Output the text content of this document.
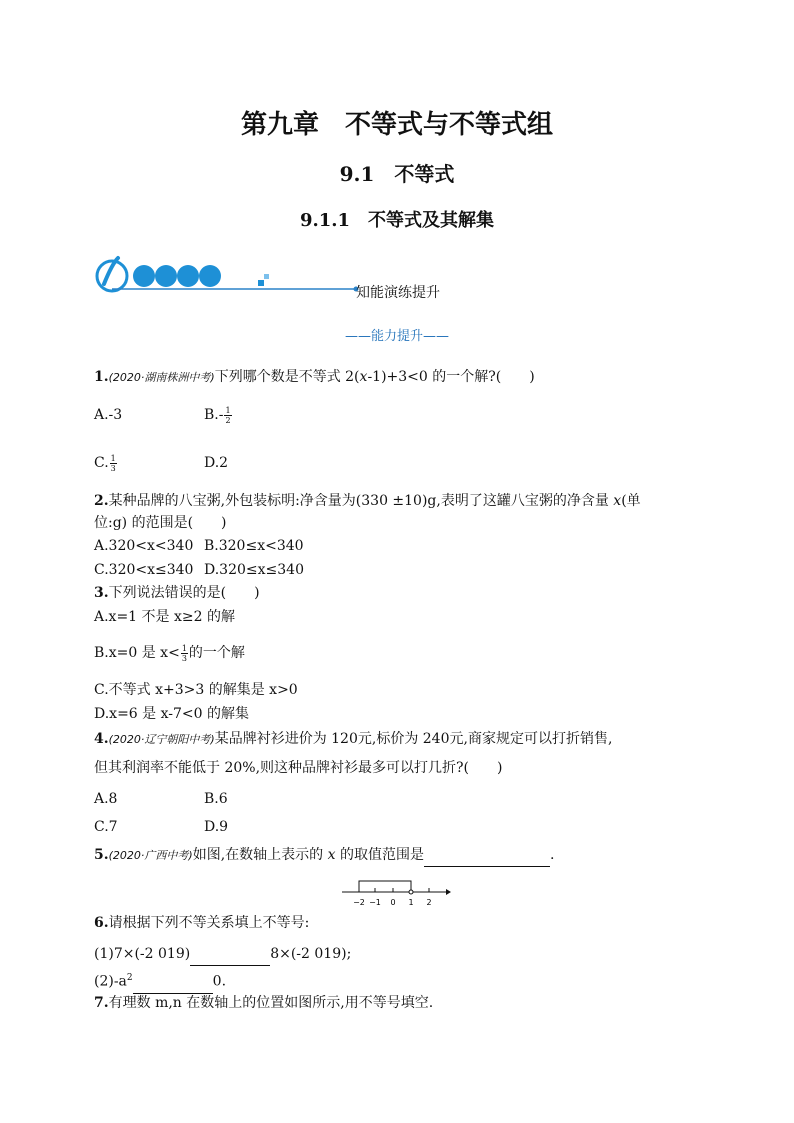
第九章　不等式与不等式组
9.1　不等式
9.1.1　不等式及其解集
知能演练提升
——能力提升——
1.(2020·湖南株洲中考)下列哪个数是不等式 2(x-1)+3<0 的一个解?(　　)
A.-3	$B.- \frac{1}{2}$
C. $\frac{1}{3}$	D.2
2.某种品牌的八宝粥,外包装标明:净含量为(330 ±10)g,表明了这罐八宝粥的净含量 x(单
位:g) 的范围是(　　)
A.320<x<340 B.320≤x<340
C.320<x≤340 D.320≤x≤340
3.下列说法错误的是(　　)
A.x=1 不是 x≥2 的解
B.x=0 是 $x< \frac{1}{3}$ 的一个解
C.不等式 x+3>3 的解集是 x>0
D.x=6 是 x-7<0 的解集
4.(2020·辽宁朝阳中考)某品牌衬衫进价为 120元,标价为 240元,商家规定可以打折销售,
但其利润率不能低于 20%,则这种品牌衬衫最多可以打几折?(　　)
A.8	B.6
C.7	D.9
5.(2020·广西中考)如图,在数轴上表示的 x 的取值范围是	.
−2 −1 0 1 2
6.请根据下列不等关系填上不等号:
(1)7×(-2 019)	8×(-2 019);
$(2)-a^2$	0.
7.有理数 m,n 在数轴上的位置如图所示,用不等号填空.
